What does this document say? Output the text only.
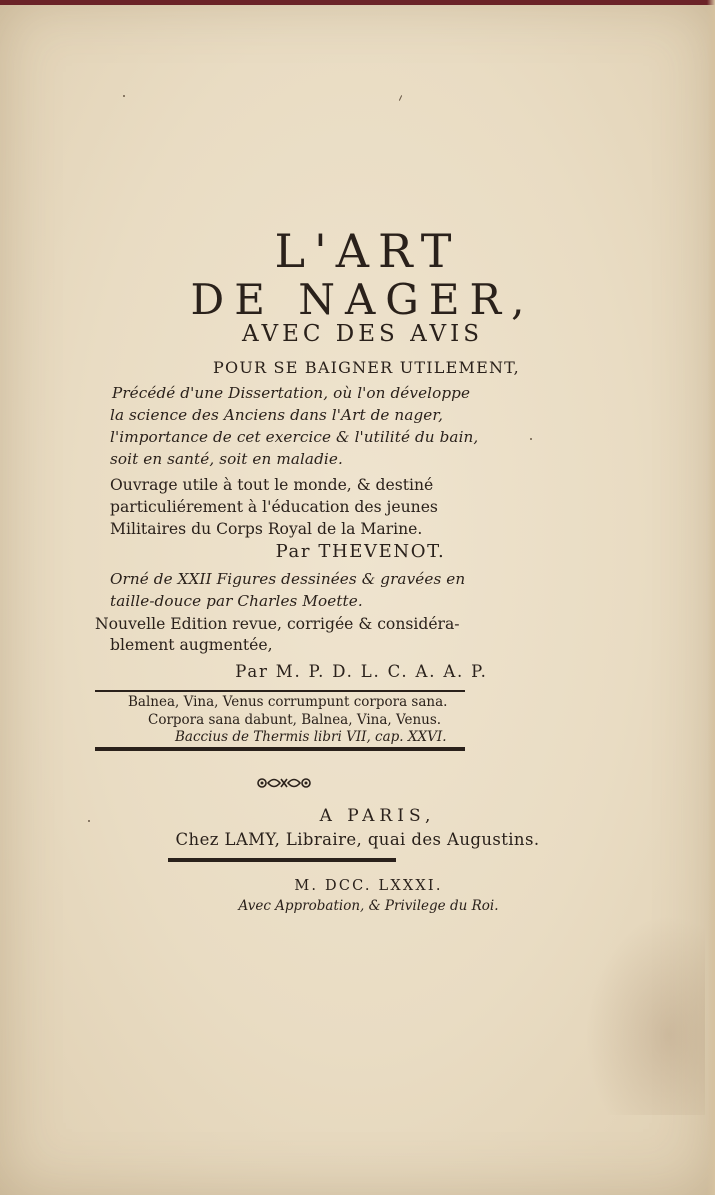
L'ART
DE NAGER,
AVEC DES AVIS
POUR SE BAIGNER UTILEMENT,
Précédé d'une Dissertation, où l'on développe
la science des Anciens dans l'Art de nager,
l'importance de cet exercice & l'utilité du bain,
soit en santé, soit en maladie.
Ouvrage utile à tout le monde, & destiné
particuliérement à l'éducation des jeunes
Militaires du Corps Royal de la Marine.
Par THEVENOT.
Orné de XXII Figures dessinées & gravées en
taille-douce par Charles Moette.
Nouvelle Edition revue, corrigée & considéra-
blement augmentée,
Par M. P. D. L. C. A. A. P.
Balnea, Vina, Venus corrumpunt corpora sana.
Corpora sana dabunt, Balnea, Vina, Venus.
Baccius de Thermis libri VII, cap. XXVI.
A PARIS,
Chez LAMY, Libraire, quai des Augustins.
M. DCC. LXXXI.
Avec Approbation, & Privilege du Roi.
